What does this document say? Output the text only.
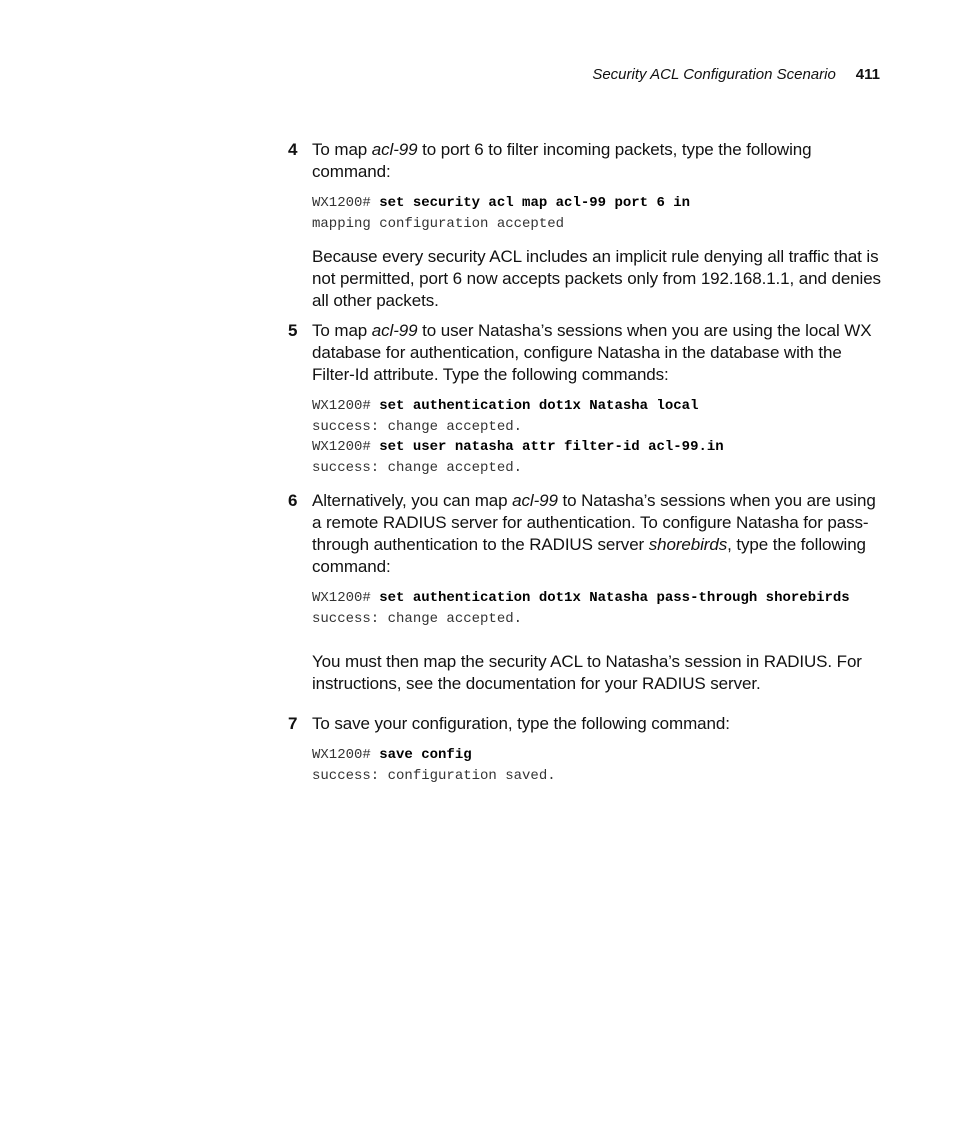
Security ACL Configuration Scenario 411
4 To map acl-99 to port 6 to filter incoming packets, type the following command:

WX1200# set security acl map acl-99 port 6 in
mapping configuration accepted

Because every security ACL includes an implicit rule denying all traffic that is not permitted, port 6 now accepts packets only from 192.168.1.1, and denies all other packets.

5 To map acl-99 to user Natasha’s sessions when you are using the local WX database for authentication, configure Natasha in the database with the Filter-Id attribute. Type the following commands:

WX1200# set authentication dot1x Natasha local
success: change accepted.
WX1200# set user natasha attr filter-id acl-99.in
success: change accepted.
6 Alternatively, you can map acl-99 to Natasha’s sessions when you are using a remote RADIUS server for authentication. To configure Natasha for pass-through authentication to the RADIUS server shorebirds, type the following command:

WX1200# set authentication dot1x Natasha pass-through shorebirds
success: change accepted.

You must then map the security ACL to Natasha’s session in RADIUS. For instructions, see the documentation for your RADIUS server.

7 To save your configuration, type the following command:

WX1200# save config
success: configuration saved.
